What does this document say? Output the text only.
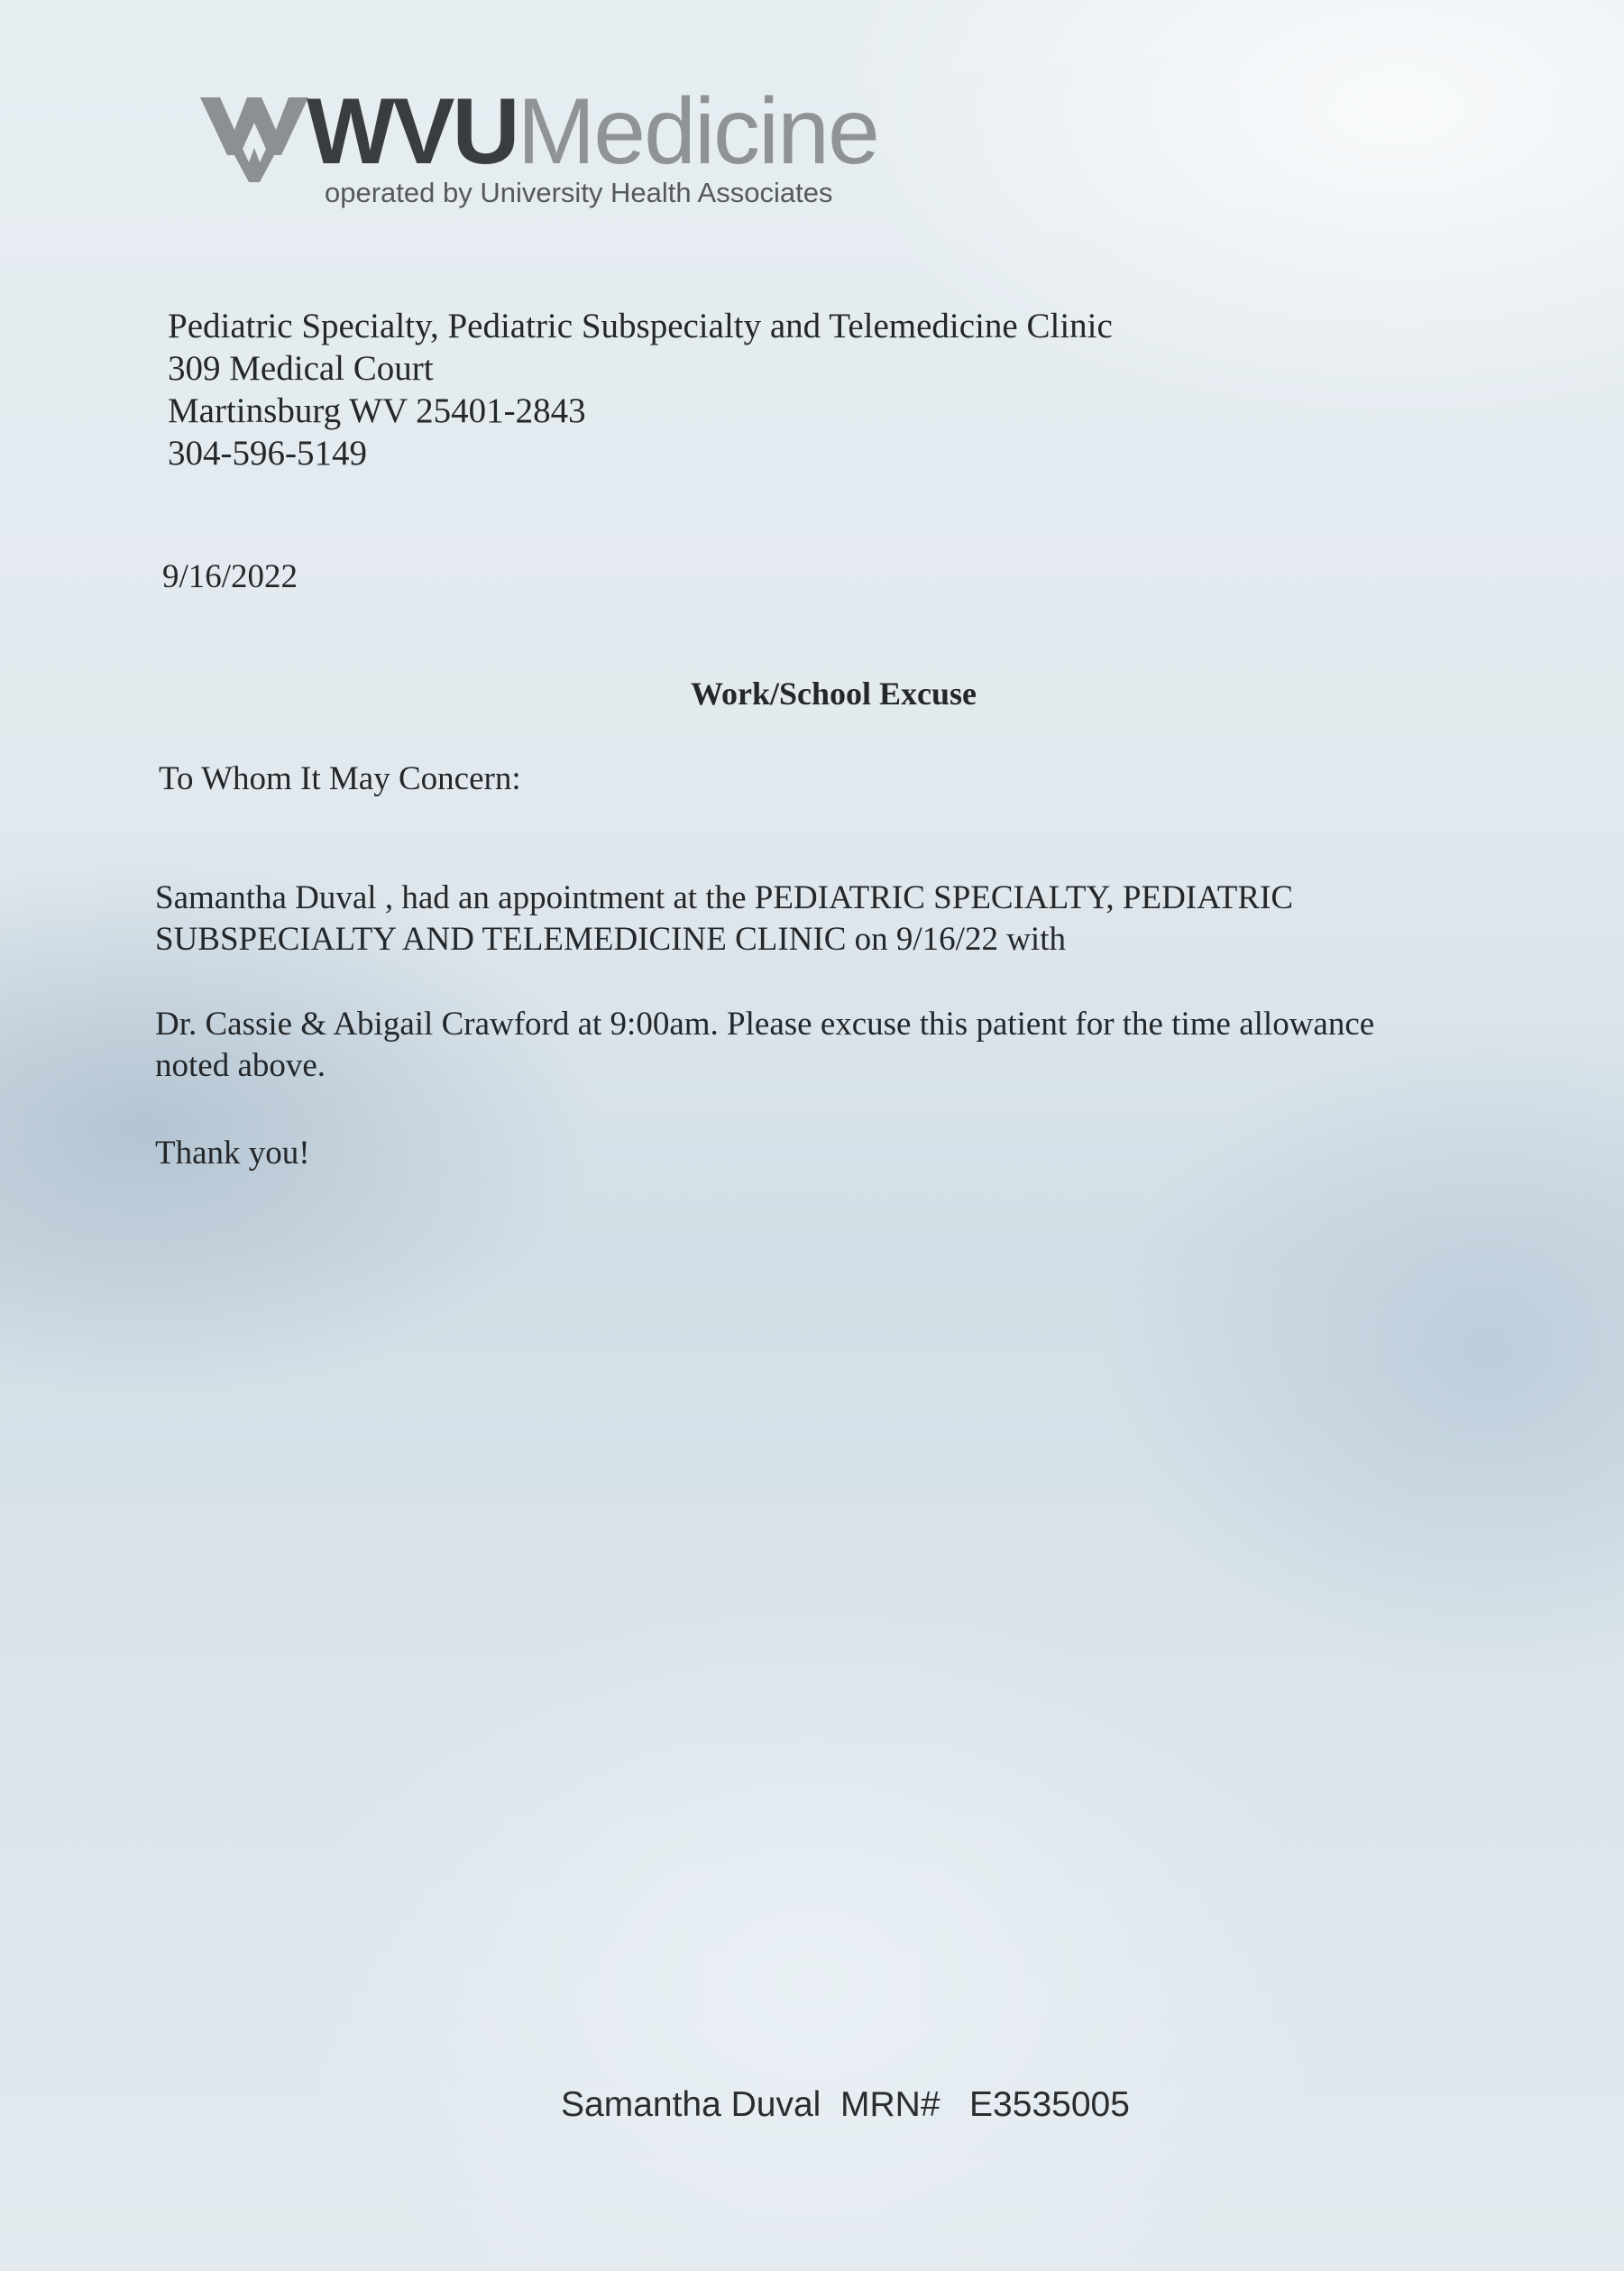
WVUMedicine
operated by University Health Associates
Pediatric Specialty, Pediatric Subspecialty and Telemedicine Clinic
309 Medical Court
Martinsburg WV 25401-2843
304-596-5149
9/16/2022
Work/School Excuse
To Whom It May Concern:
Samantha Duval , had an appointment at the PEDIATRIC SPECIALTY, PEDIATRIC
SUBSPECIALTY AND TELEMEDICINE CLINIC on 9/16/22 with
Dr. Cassie & Abigail Crawford at 9:00am. Please excuse this patient for the time allowance
noted above.
Thank you!
Samantha Duval MRN# E3535005
